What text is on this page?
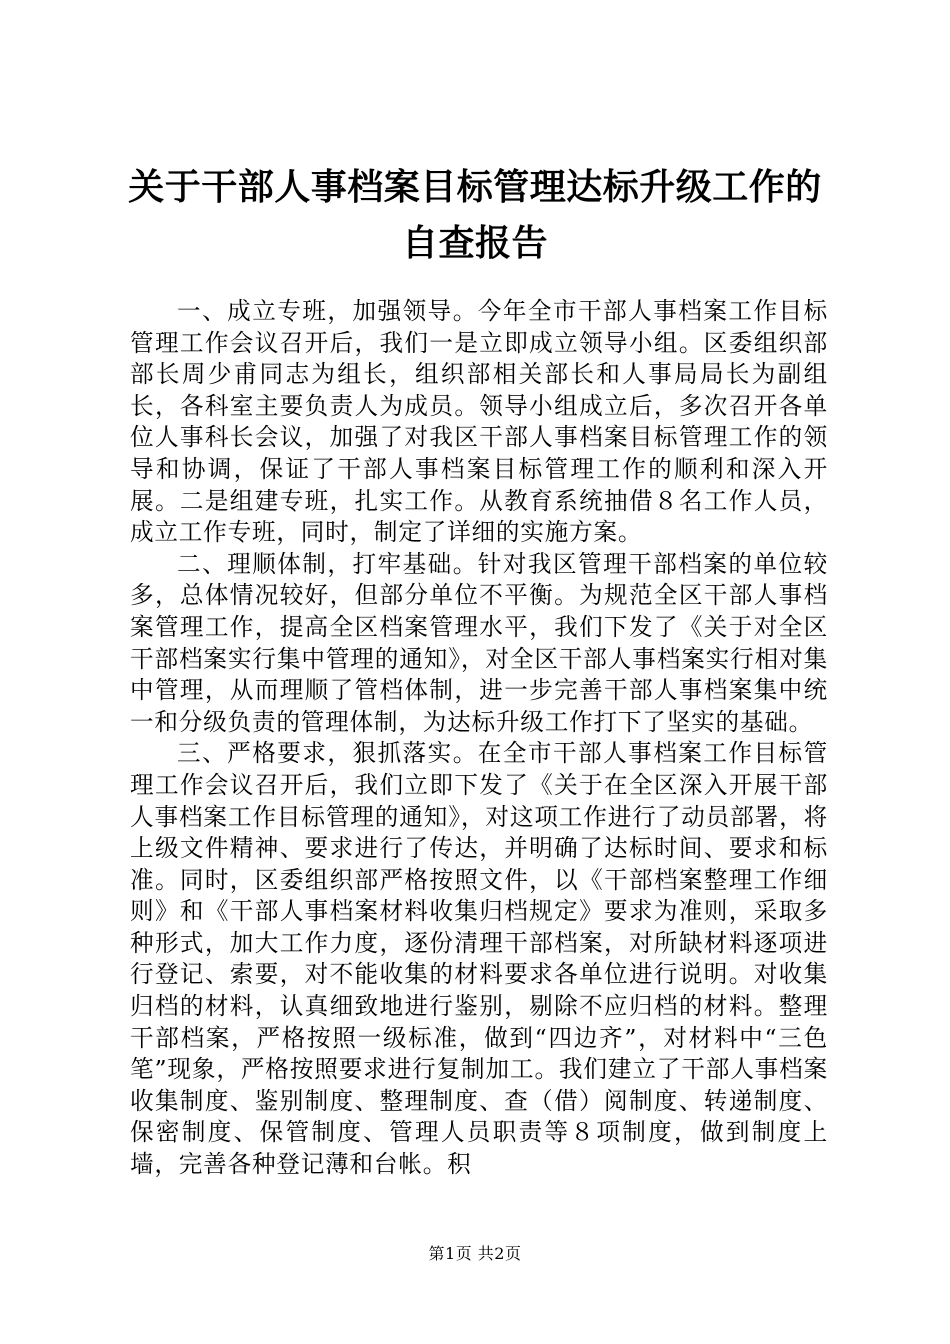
关于干部人事档案目标管理达标升级工作的自查报告

一、成立专班，加强领导。今年全市干部人事档案工作目标管理工作会议召开后，我们一是立即成立领导小组。区委组织部部长周少甫同志为组长，组织部相关部长和人事局局长为副组长，各科室主要负责人为成员。领导小组成立后，多次召开各单位人事科长会议，加强了对我区干部人事档案目标管理工作的领导和协调，保证了干部人事档案目标管理工作的顺利和深入开展。二是组建专班，扎实工作。从教育系统抽借８名工作人员，成立工作专班，同时，制定了详细的实施方案。

二、理顺体制，打牢基础。针对我区管理干部档案的单位较多，总体情况较好，但部分单位不平衡。为规范全区干部人事档案管理工作，提高全区档案管理水平，我们下发了《关于对全区干部档案实行集中管理的通知》，对全区干部人事档案实行相对集中管理，从而理顺了管档体制，进一步完善干部人事档案集中统一和分级负责的管理体制，为达标升级工作打下了坚实的基础。

三、严格要求，狠抓落实。在全市干部人事档案工作目标管理工作会议召开后，我们立即下发了《关于在全区深入开展干部人事档案工作目标管理的通知》，对这项工作进行了动员部署，将上级文件精神、要求进行了传达，并明确了达标时间、要求和标准。同时，区委组织部严格按照文件，以《干部档案整理工作细则》和《干部人事档案材料收集归档规定》要求为准则，采取多种形式，加大工作力度，逐份清理干部档案，对所缺材料逐项进行登记、索要，对不能收集的材料要求各单位进行说明。对收集归档的材料，认真细致地进行鉴别，剔除不应归档的材料。整理干部档案，严格按照一级标准，做到“四边齐”，对材料中“三色笔”现象，严格按照要求进行复制加工。我们建立了干部人事档案收集制度、鉴别制度、整理制度、查（借）阅制度、转递制度、保密制度、保管制度、管理人员职责等８项制度，做到制度上墙，完善各种登记薄和台帐。积

第1页 共2页
